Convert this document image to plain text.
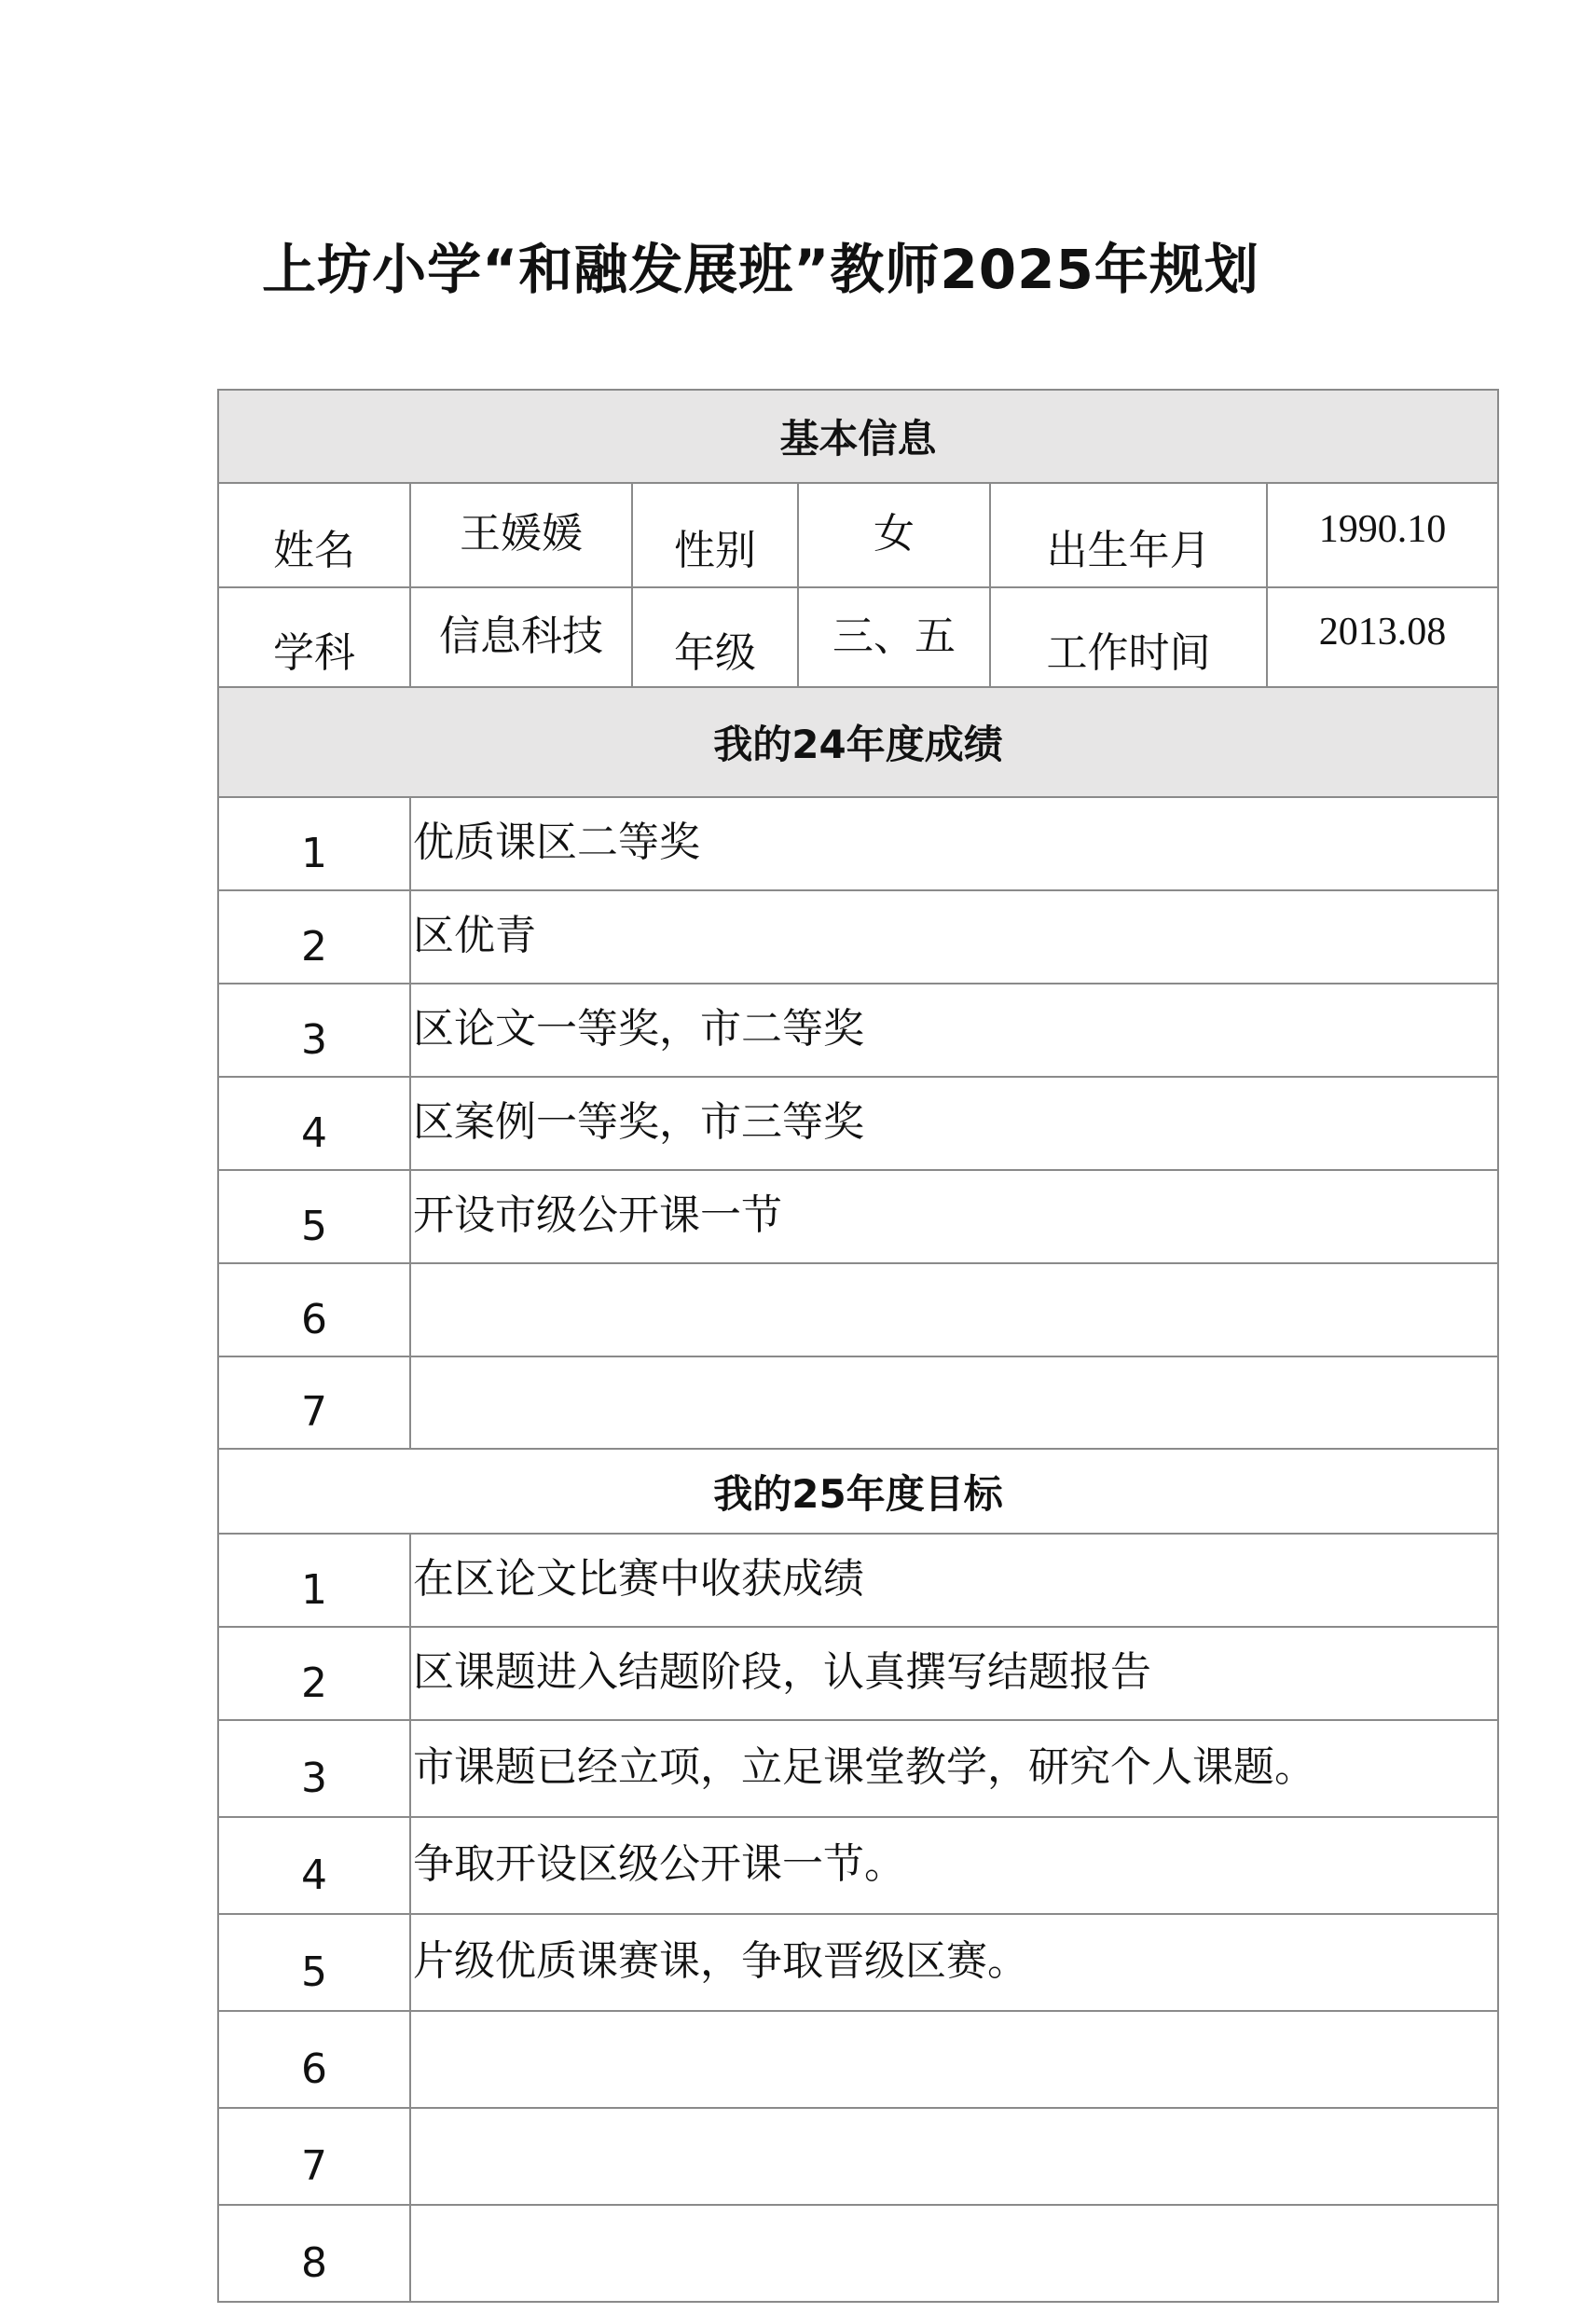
上坊小学“和融发展班”教师2025年规划
基本信息					
姓名	王媛媛	性别	女	出生年月	1990.10
学科	信息科技	年级	三、五	工作时间	2013.08
我的24年度成绩					
1	优质课区二等奖				
2	区优青				
3	区论文一等奖，市二等奖				
4	区案例一等奖，市三等奖				
5	开设市级公开课一节				
6					
7					
我的25年度目标					
1	在区论文比赛中收获成绩				
2	区课题进入结题阶段，认真撰写结题报告				
3	市课题已经立项，立足课堂教学，研究个人课题。				
4	争取开设区级公开课一节。				
5	片级优质课赛课，争取晋级区赛。				
6					
7					
8					
